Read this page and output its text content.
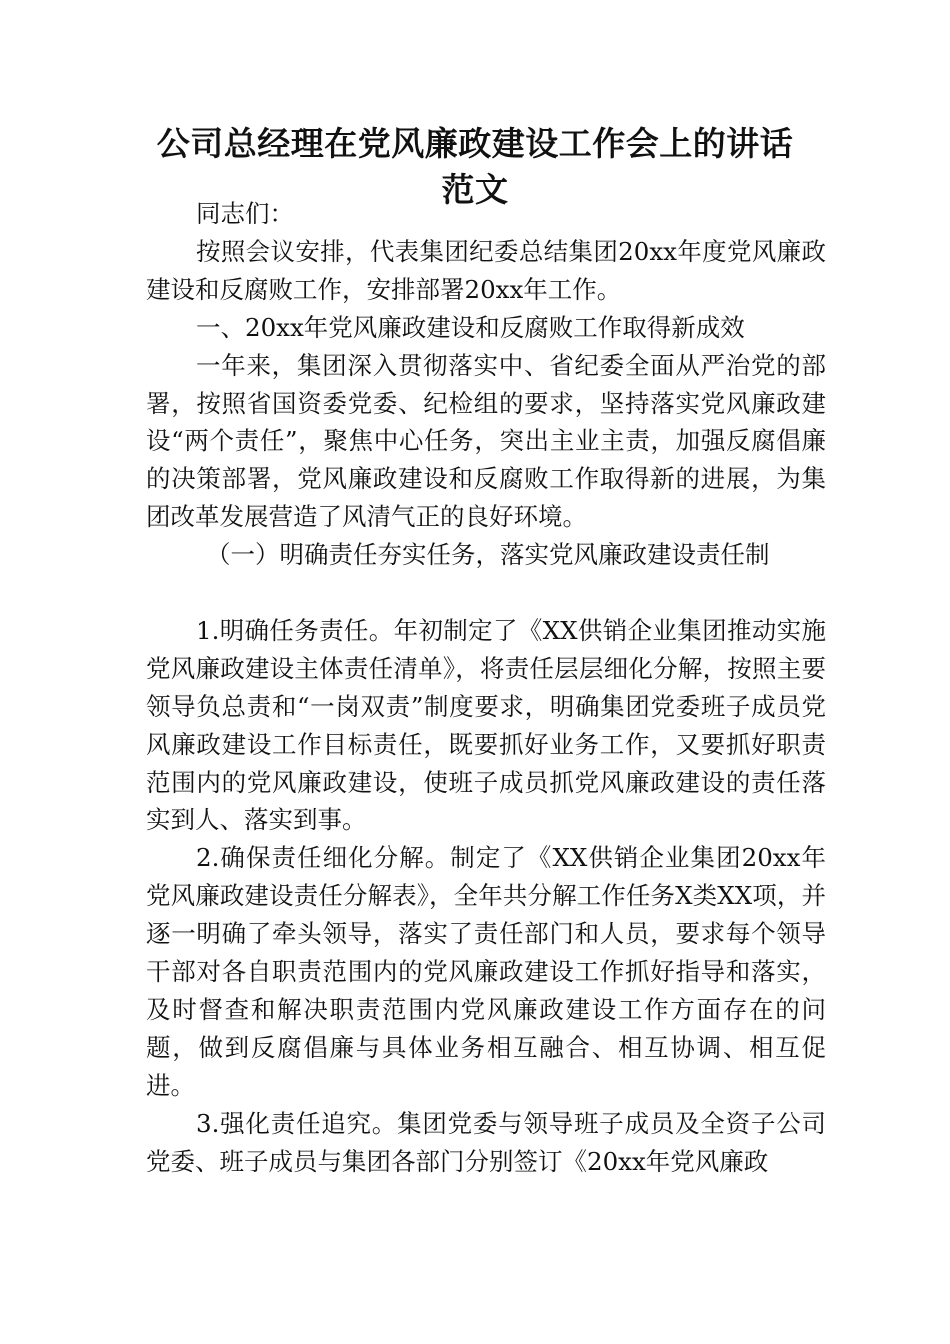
公司总经理在党风廉政建设工作会上的讲话
范文

同志们：

按照会议安排，代表集团纪委总结集团20xx年度党风廉政建设和反腐败工作，安排部署20xx年工作。

一、20xx年党风廉政建设和反腐败工作取得新成效

一年来，集团深入贯彻落实中、省纪委全面从严治党的部署，按照省国资委党委、纪检组的要求，坚持落实党风廉政建设“两个责任”，聚焦中心任务，突出主业主责，加强反腐倡廉的决策部署，党风廉政建设和反腐败工作取得新的进展，为集团改革发展营造了风清气正的良好环境。

（一）明确责任夯实任务，落实党风廉政建设责任制

1.明确任务责任。年初制定了《XX供销企业集团推动实施党风廉政建设主体责任清单》，将责任层层细化分解，按照主要领导负总责和“一岗双责”制度要求，明确集团党委班子成员党风廉政建设工作目标责任，既要抓好业务工作，又要抓好职责范围内的党风廉政建设，使班子成员抓党风廉政建设的责任落实到人、落实到事。

2.确保责任细化分解。制定了《XX供销企业集团20xx年党风廉政建设责任分解表》，全年共分解工作任务X类XX项，并逐一明确了牵头领导，落实了责任部门和人员，要求每个领导干部对各自职责范围内的党风廉政建设工作抓好指导和落实，及时督查和解决职责范围内党风廉政建设工作方面存在的问题，做到反腐倡廉与具体业务相互融合、相互协调、相互促进。

3.强化责任追究。集团党委与领导班子成员及全资子公司党委、班子成员与集团各部门分别签订《20xx年党风廉政
